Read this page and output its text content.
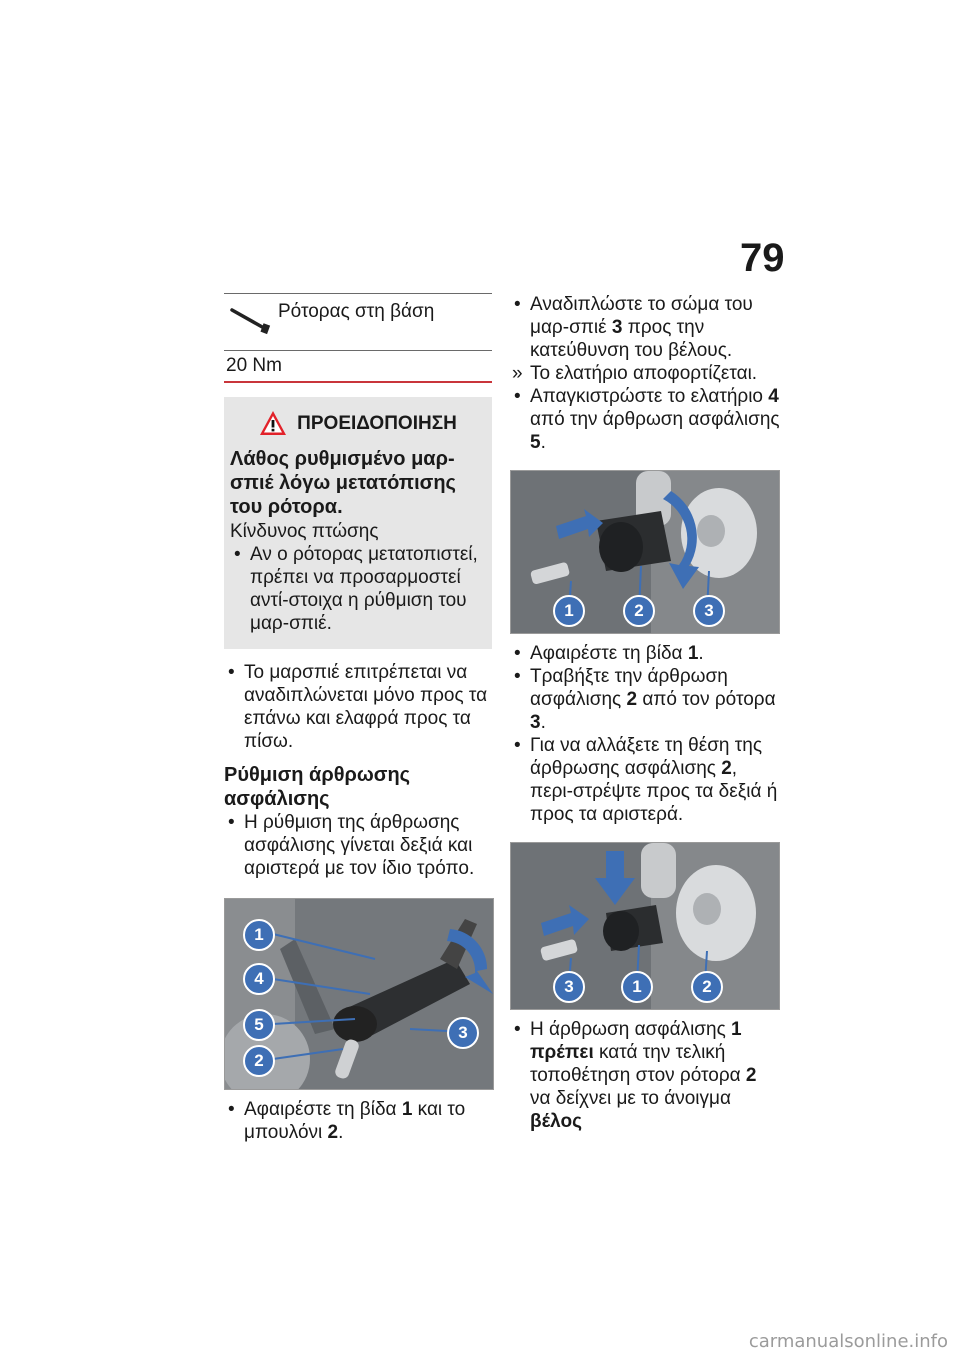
79
Ρότορας στη βάση
20 Nm
ΠΡΟΕΙΔΟΠΟΙΗΣΗ
Λάθος ρυθμισμένο μαρ-σπιέ λόγω μετατόπισης του ρότορα.
Κίνδυνος πτώσης
• Αν ο ρότορας μετατοπιστεί, πρέπει να προσαρμοστεί αντί-στοιχα η ρύθμιση του μαρ-σπιέ.
• Το μαρσπιέ επιτρέπεται να αναδιπλώνεται μόνο προς τα επάνω και ελαφρά προς τα πίσω.
Ρύθμιση άρθρωσης ασφάλισης
• Η ρύθμιση της άρθρωσης ασφάλισης γίνεται δεξιά και αριστερά με τον ίδιο τρόπο.
1
4
5
2
3
• Αφαιρέστε τη βίδα 1 και το μπουλόνι 2.
• Αναδιπλώστε το σώμα του μαρ-σπιέ 3 προς την κατεύθυνση του βέλους.
» Το ελατήριο αποφορτίζεται.
• Απαγκιστρώστε το ελατήριο 4 από την άρθρωση ασφάλισης 5.
1	2	3
• Αφαιρέστε τη βίδα 1.
• Τραβήξτε την άρθρωση ασφάλισης 2 από τον ρότορα 3.
• Για να αλλάξετε τη θέση της άρθρωσης ασφάλισης 2, περι-στρέψτε προς τα δεξιά ή προς τα αριστερά.
3	1	2
• Η άρθρωση ασφάλισης 1
πρέπει κατά την τελική τοποθέτηση στον ρότορα 2 να δείχνει με το άνοιγμα βέλος
carmanualsonline.info
